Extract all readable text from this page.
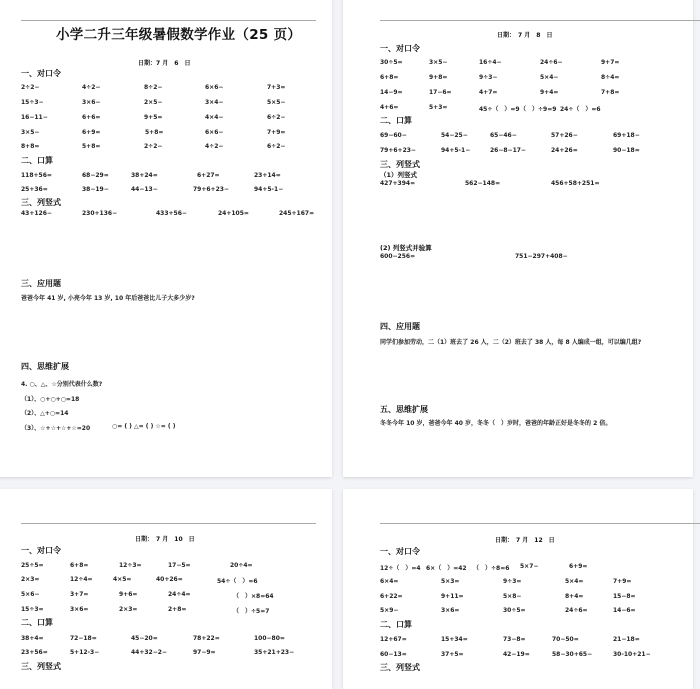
小学二升三年级暑假数学作业（25 页）
日期：7 月　6　日
一、对口令
2÷2−	4÷2−	8÷2−	6×6−	7+3=
15÷3−	3×6−	2×5−	3×4−	5×5−
16−11−	6+6=	9+5=	4×4−	6÷2−
3×5−	6+9=	5+8=	6×6−	7+9=
8+8=	5+8=	2÷2−	4÷2−	6÷2−
二、口算
118+56=	68−29=	38+24=	6+27=	23+14=
25+36=	38−19−	44−13−	79+6+23−	94+5-1−
三、列竖式
43+126−	230+136−	433+56−	24+105=	245+167=
三、应用题
爸爸今年 41 岁, 小亮今年 13 岁, 10 年后爸爸比儿子大多少岁?
四、思维扩展
4. ○、△、☆分别代表什么数?
（1）、○+○+○=18
（2）、△+○=14
（3）、☆+☆+☆+☆=20	○= ( ) △= ( ) ☆= ( )
日期：　7 月　8　日
一、对口令
30÷5=	3×5−	16÷4−	24÷6−	9+7=
6+8=	9+8=	9÷3−	5×4−	8÷4=
14−9=	17−6=	4+7=	9+4=	7+8=
4+6=	5+3=	45÷（　）=9 （　）÷9=9 24÷（　）=6
二、口算
69−60−	54−25−	65−46−	57+26−	69+18−
79+6+23−	94+5-1−	26−8−17−	24+26=	90−18=
三、列竖式
（1）列竖式
427+394=	562−148=	456+58+251=
(2) 列竖式并验算
600−256=	751−297+408−
四、应用题
同学们参加劳动，二（1）班去了 26 人，二（2）班去了 38 人，每 8 人编成一组，可以编几组?
五、思维扩展
冬冬今年 10 岁，爸爸今年 40 岁，冬冬（　）岁时，爸爸的年龄正好是冬冬的 2 倍。
日期：　7 月　10　日
一、对口令
25÷5=	6+8=	12÷3=	17−5=	20÷4=
2×3=	12÷4=	4×5=	40+26=	54÷（　）=6
5×6−	3+7=	9+6=	24÷4=	（　）×8=64
15÷3=	3×6=	2×3=	2+8=	（　）÷5=7
二、口算
38+4=	72−18=	45−20=	78+22=	100−80=
23+56=	5+12-3−	44+32−2−	97−9=	35+21+23−
三、列竖式
日期：　7 月　12　日
一、对口令
12÷（　）=4 6×（　）=42 （　）÷8=6 5×7−	6+9=
6×4=	5×3=	9÷3=	5×4=	7+9=
6+22=	9+11=	5×8−	8+4=	15−8=
5×9−	3×6=	30÷5=	24÷6=	14−6=
二、口算
12+67=	15+34=	73−8=	70−50=	21−18=
60−13=	37+5=	42−19=	58−30+65−	30-10+21−
三、列竖式
